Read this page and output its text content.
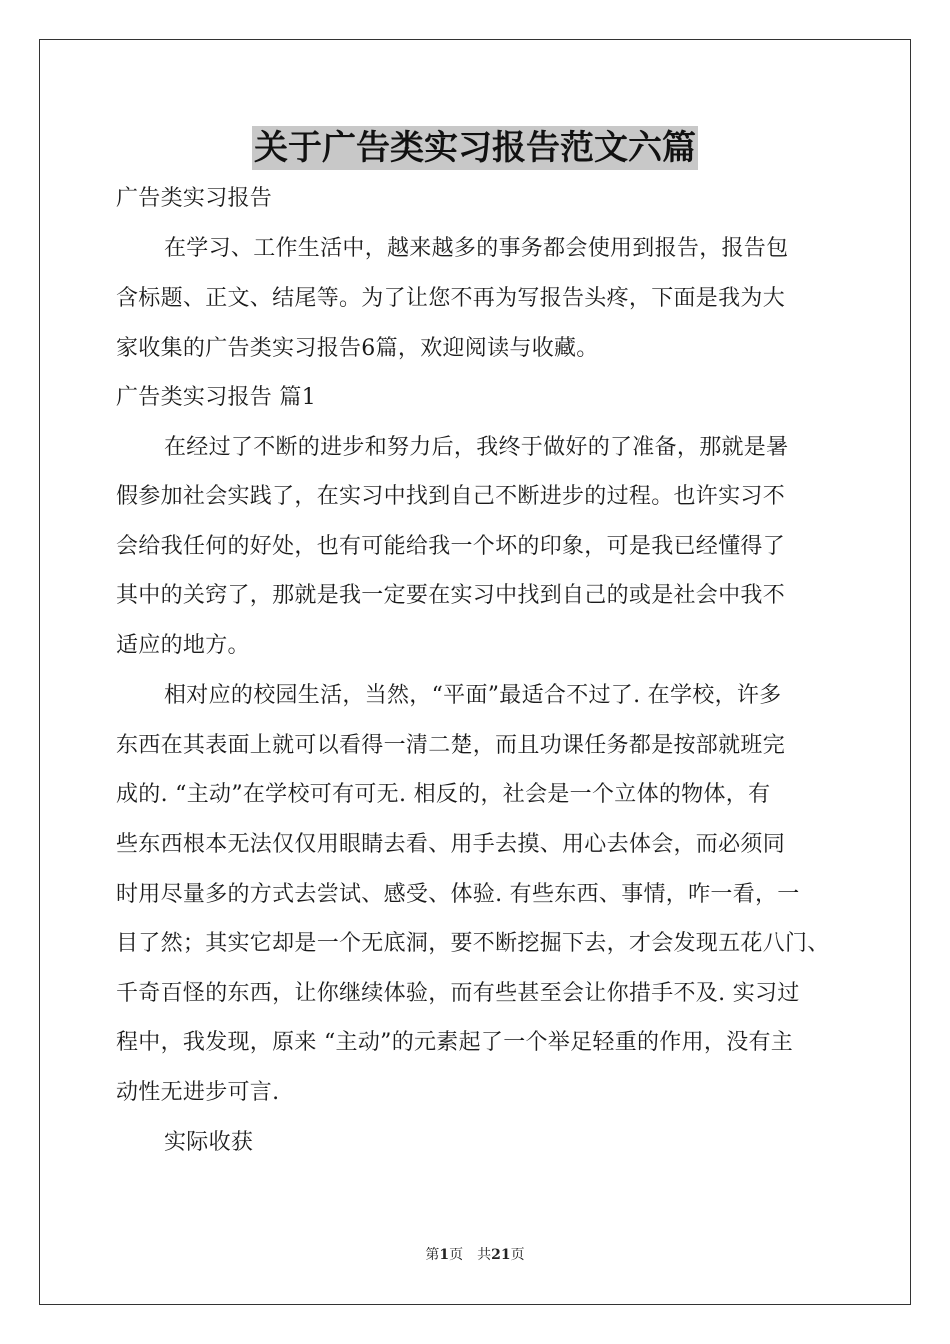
关于广告类实习报告范文六篇
广告类实习报告
在学习、工作生活中，越来越多的事务都会使用到报告，报告包
含标题、正文、结尾等。为了让您不再为写报告头疼，下面是我为大
家收集的广告类实习报告6篇，欢迎阅读与收藏。
广告类实习报告 篇1
在经过了不断的进步和努力后，我终于做好的了准备，那就是暑
假参加社会实践了，在实习中找到自己不断进步的过程。也许实习不
会给我任何的好处，也有可能给我一个坏的印象，可是我已经懂得了
其中的关窍了，那就是我一定要在实习中找到自己的或是社会中我不
适应的地方。
相对应的校园生活，当然，“平面”最适合不过了. 在学校，许多
东西在其表面上就可以看得一清二楚，而且功课任务都是按部就班完
成的. “主动”在学校可有可无. 相反的，社会是一个立体的物体，有
些东西根本无法仅仅用眼睛去看、用手去摸、用心去体会，而必须同
时用尽量多的方式去尝试、感受、体验. 有些东西、事情，咋一看，一
目了然；其实它却是一个无底洞，要不断挖掘下去，才会发现五花八门、
千奇百怪的东西，让你继续体验，而有些甚至会让你措手不及. 实习过
程中，我发现，原来 “主动”的元素起了一个举足轻重的作用，没有主
动性无进步可言.
实际收获
第1页　共21页
